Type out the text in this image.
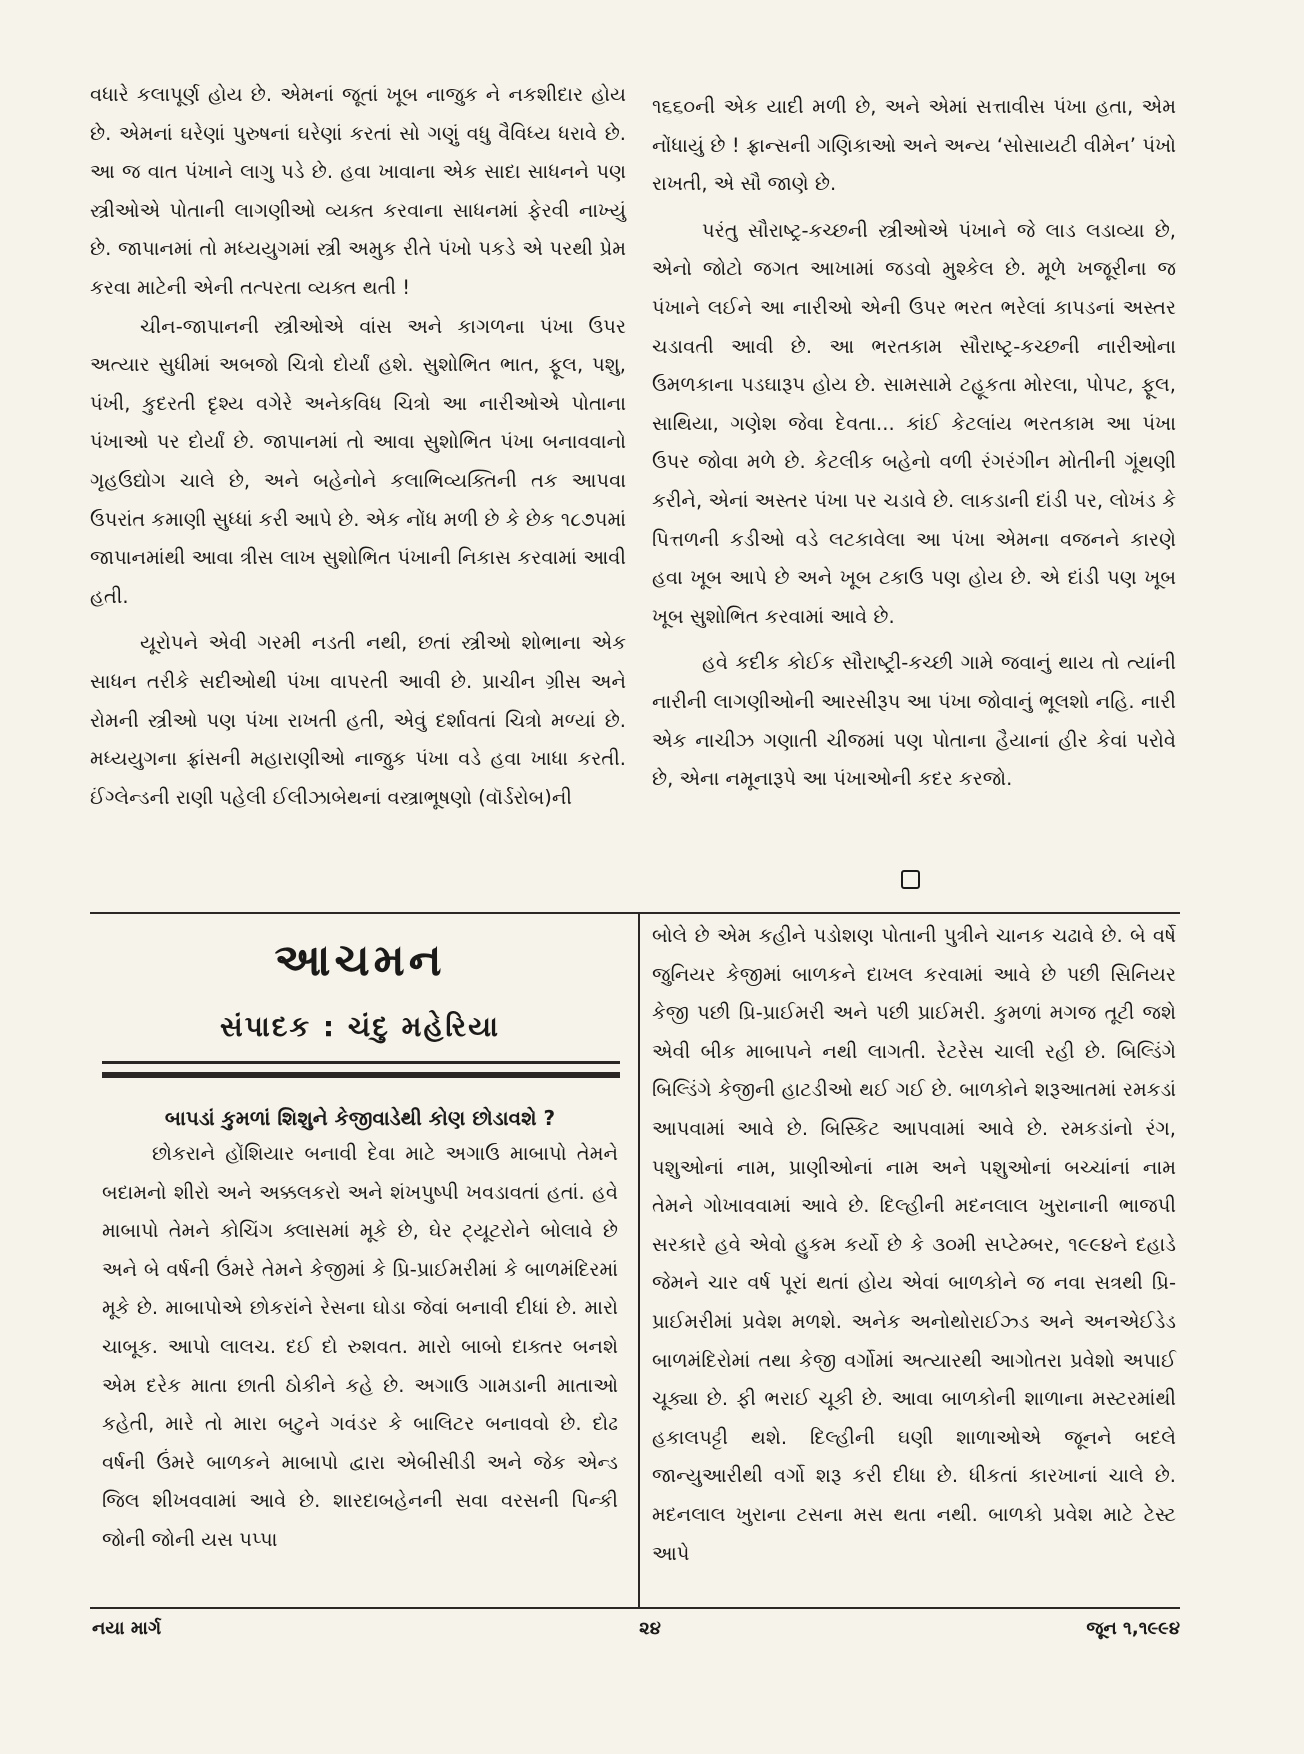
વધારે કલાપૂર્ણ હોય છે. એમનાં જૂતાં ખૂબ નાજુક ને નકશીદાર હોય છે. એમનાં ઘરેણાં પુરુષનાં ઘરેણાં કરતાં સો ગણું વધુ વૈવિધ્ય ધરાવે છે. આ જ વાત પંખાને લાગુ પડે છે. હવા ખાવાના એક સાદા સાધનને પણ સ્ત્રીઓએ પોતાની લાગણીઓ વ્યક્ત કરવાના સાધનમાં ફેરવી નાખ્યું છે. જાપાનમાં તો મધ્યયુગમાં સ્ત્રી અમુક રીતે પંખો પકડે એ પરથી પ્રેમ કરવા માટેની એની તત્પરતા વ્યક્ત થતી !

ચીન-જાપાનની સ્ત્રીઓએ વાંસ અને કાગળના પંખા ઉપર અત્યાર સુધીમાં અબજો ચિત્રો દોર્યાં હશે. સુશોભિત ભાત, ફૂલ, પશુ, પંખી, કુદરતી દૃશ્ય વગેરે અનેકવિધ ચિત્રો આ નારીઓએ પોતાના પંખાઓ પર દોર્યાં છે. જાપાનમાં તો આવા સુશોભિત પંખા બનાવવાનો ગૃહઉદ્યોગ ચાલે છે, અને બહેનોને કલાભિવ્યક્તિની તક આપવા ઉપરાંત કમાણી સુધ્ધાં કરી આપે છે. એક નોંધ મળી છે કે છેક ૧૮૭૫માં જાપાનમાંથી આવા ત્રીસ લાખ સુશોભિત પંખાની નિકાસ કરવામાં આવી હતી.

યૂરોપને એવી ગરમી નડતી નથી, છતાં સ્ત્રીઓ શોભાના એક સાધન તરીકે સદીઓથી પંખા વાપરતી આવી છે. પ્રાચીન ગ્રીસ અને રોમની સ્ત્રીઓ પણ પંખા રાખતી હતી, એવું દર્શાવતાં ચિત્રો મળ્યાં છે. મધ્યયુગના ફ્રાંસની મહારાણીઓ નાજુક પંખા વડે હવા ખાધા કરતી. ઈંગ્લેન્ડની રાણી પહેલી ઈલીઝાબેથનાં વસ્ત્રાભૂષણો (વૉર્ડરોબ)ની

૧૬૬૦ની એક યાદી મળી છે, અને એમાં સત્તાવીસ પંખા હતા, એમ નોંધાયું છે ! ફ્રાન્સની ગણિકાઓ અને અન્ય ‘સોસાયટી વીમેન’ પંખો રાખતી, એ સૌ જાણે છે.

પરંતુ સૌરાષ્ટ્ર-કચ્છની સ્ત્રીઓએ પંખાને જે લાડ લડાવ્યા છે, એનો જોટો જગત આખામાં જડવો મુશ્કેલ છે. મૂળે ખજૂરીના જ પંખાને લઈને આ નારીઓ એની ઉપર ભરત ભરેલાં કાપડનાં અસ્તર ચડાવતી આવી છે. આ ભરતકામ સૌરાષ્ટ્ર-કચ્છની નારીઓના ઉમળકાના પડઘારૂપ હોય છે. સામસામે ટહૂકતા મોરલા, પોપટ, ફૂલ, સાથિયા, ગણેશ જેવા દેવતા... કાંઈ કેટલાંય ભરતકામ આ પંખા ઉપર જોવા મળે છે. કેટલીક બહેનો વળી રંગરંગીન મોતીની ગૂંથણી કરીને, એનાં અસ્તર પંખા પર ચડાવે છે. લાકડાની દાંડી પર, લોખંડ કે પિત્તળની કડીઓ વડે લટકાવેલા આ પંખા એમના વજનને કારણે હવા ખૂબ આપે છે અને ખૂબ ટકાઉ પણ હોય છે. એ દાંડી પણ ખૂબ ખૂબ સુશોભિત કરવામાં આવે છે.

હવે કદીક કોઈક સૌરાષ્ટ્રી-કચ્છી ગામે જવાનું થાય તો ત્યાંની નારીની લાગણીઓની આરસીરૂપ આ પંખા જોવાનું ભૂલશો નહિ. નારી એક નાચીઝ ગણાતી ચીજમાં પણ પોતાના હૈયાનાં હીર કેવાં પરોવે છે, એના નમૂનારૂપે આ પંખાઓની કદર કરજો.

આચમન
સંપાદક : ચંદુ મહેરિયા
બાપડાં કુમળાં શિશુને કેજીવાડેથી કોણ છોડાવશે ?

છોકરાને હોંશિયાર બનાવી દેવા માટે અગાઉ માબાપો તેમને બદામનો શીરો અને અક્કલકરો અને શંખપુષ્પી ખવડાવતાં હતાં. હવે માબાપો તેમને કોચિંગ ક્લાસમાં મૂકે છે, ઘેર ટ્યૂટરોને બોલાવે છે અને બે વર્ષની ઉંમરે તેમને કેજીમાં કે પ્રિ-પ્રાઈમરીમાં કે બાળમંદિરમાં મૂકે છે. માબાપોએ છોકરાંને રેસના ઘોડા જેવાં બનાવી દીધાં છે. મારો ચાબૂક. આપો લાલચ. દઈ દો રુશવત. મારો બાબો દાક્તર બનશે એમ દરેક માતા છાતી ઠોકીને કહે છે. અગાઉ ગામડાની માતાઓ કહેતી, મારે તો મારા બટુને ગવંડર કે બાલિટર બનાવવો છે. દોઢ વર્ષની ઉંમરે બાળકને માબાપો દ્વારા એબીસીડી અને જેક એન્ડ જિલ શીખવવામાં આવે છે. શારદાબહેનની સવા વરસની પિન્કી જોની જોની યસ પપ્પા

બોલે છે એમ કહીને પડોશણ પોતાની પુત્રીને ચાનક ચઢાવે છે. બે વર્ષે જુનિયર કેજીમાં બાળકને દાખલ કરવામાં આવે છે પછી સિનિયર કેજી પછી પ્રિ-પ્રાઈમરી અને પછી પ્રાઈમરી. કુમળાં મગજ તૂટી જશે એવી બીક માબાપને નથી લાગતી. રેટરેસ ચાલી રહી છે. બિલ્ડિંગે બિલ્ડિંગે કેજીની હાટડીઓ થઈ ગઈ છે. બાળકોને શરૂઆતમાં રમકડાં આપવામાં આવે છે. બિસ્કિટ આપવામાં આવે છે. રમકડાંનો રંગ, પશુઓનાં નામ, પ્રાણીઓનાં નામ અને પશુઓનાં બચ્ચાંનાં નામ તેમને ગોખાવવામાં આવે છે. દિલ્હીની મદનલાલ ખુરાનાની ભાજપી સરકારે હવે એવો હુકમ કર્યો છે કે ૩૦મી સપ્ટેમ્બર, ૧૯૯૪ને દહાડે જેમને ચાર વર્ષ પૂરાં થતાં હોય એવાં બાળકોને જ નવા સત્રથી પ્રિ-પ્રાઈમરીમાં પ્રવેશ મળશે. અનેક અનોથોરાઈઝ્ડ અને અનએઈડેડ બાળમંદિરોમાં તથા કેજી વર્ગોમાં અત્યારથી આગોતરા પ્રવેશો અપાઈ ચૂક્યા છે. ફી ભરાઈ ચૂકી છે. આવા બાળકોની શાળાના મસ્ટરમાંથી હકાલપટ્ટી થશે. દિલ્હીની ઘણી શાળાઓએ જૂનને બદલે જાન્યુઆરીથી વર્ગો શરૂ કરી દીધા છે. ધીકતાં કારખાનાં ચાલે છે. મદનલાલ ખુરાના ટસના મસ થતા નથી. બાળકો પ્રવેશ માટે ટેસ્ટ આપે

નયા માર્ગ	૨૪	જૂન ૧,૧૯૯૪
